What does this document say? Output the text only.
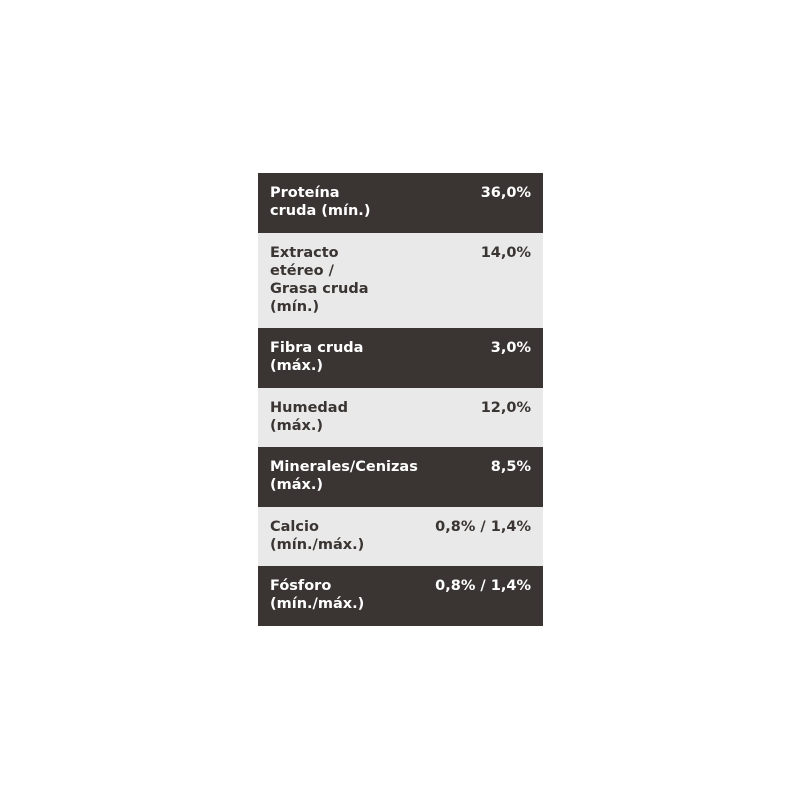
Proteína
cruda (mín.)
36,0%
Extracto
etéreo /
Grasa cruda
(mín.)
14,0%
Fibra cruda
(máx.)
3,0%
Humedad
(máx.)
12,0%
Minerales/Cenizas
(máx.)
8,5%
Calcio
(mín./máx.)
0,8% / 1,4%
Fósforo
(mín./máx.)
0,8% / 1,4%
